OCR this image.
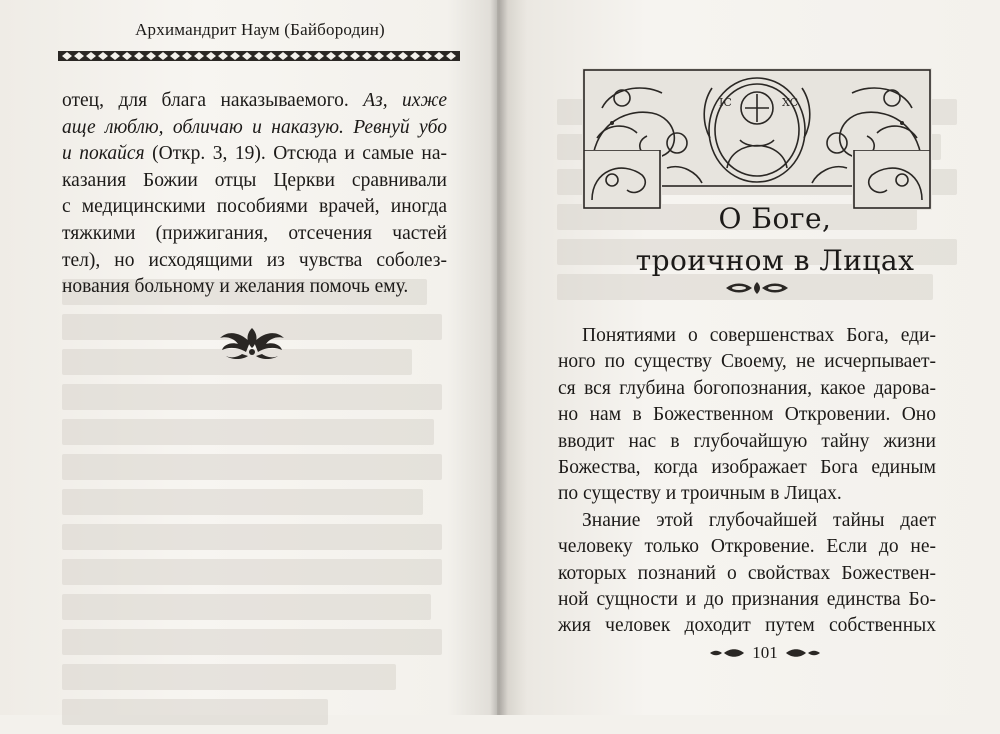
Архимандрит Наум (Байбородин)
отец, для блага наказываемого. Аз, ихже
аще люблю, обличаю и наказую. Ревнуй убо
и покайся (Откр. 3, 19). Отсюда и самые на-
казания Божии отцы Церкви сравнивали
с медицинскими пособиями врачей, иногда
тяжкими (прижигания, отсечения частей
тел), но исходящими из чувства соболез-
нования больному и желания помочь ему.
IC	XC
О Боге,
троичном в Лицах
Понятиями о совершенствах Бога, еди-
ного по существу Своему, не исчерпывает-
ся вся глубина богопознания, какое дарова-
но нам в Божественном Откровении. Оно
вводит нас в глубочайшую тайну жизни
Божества, когда изображает Бога единым
по существу и троичным в Лицах.
Знание этой глубочайшей тайны дает
человеку только Откровение. Если до не-
которых познаний о свойствах Божествен-
ной сущности и до признания единства Бо-
жия человек доходит путем собственных
101
